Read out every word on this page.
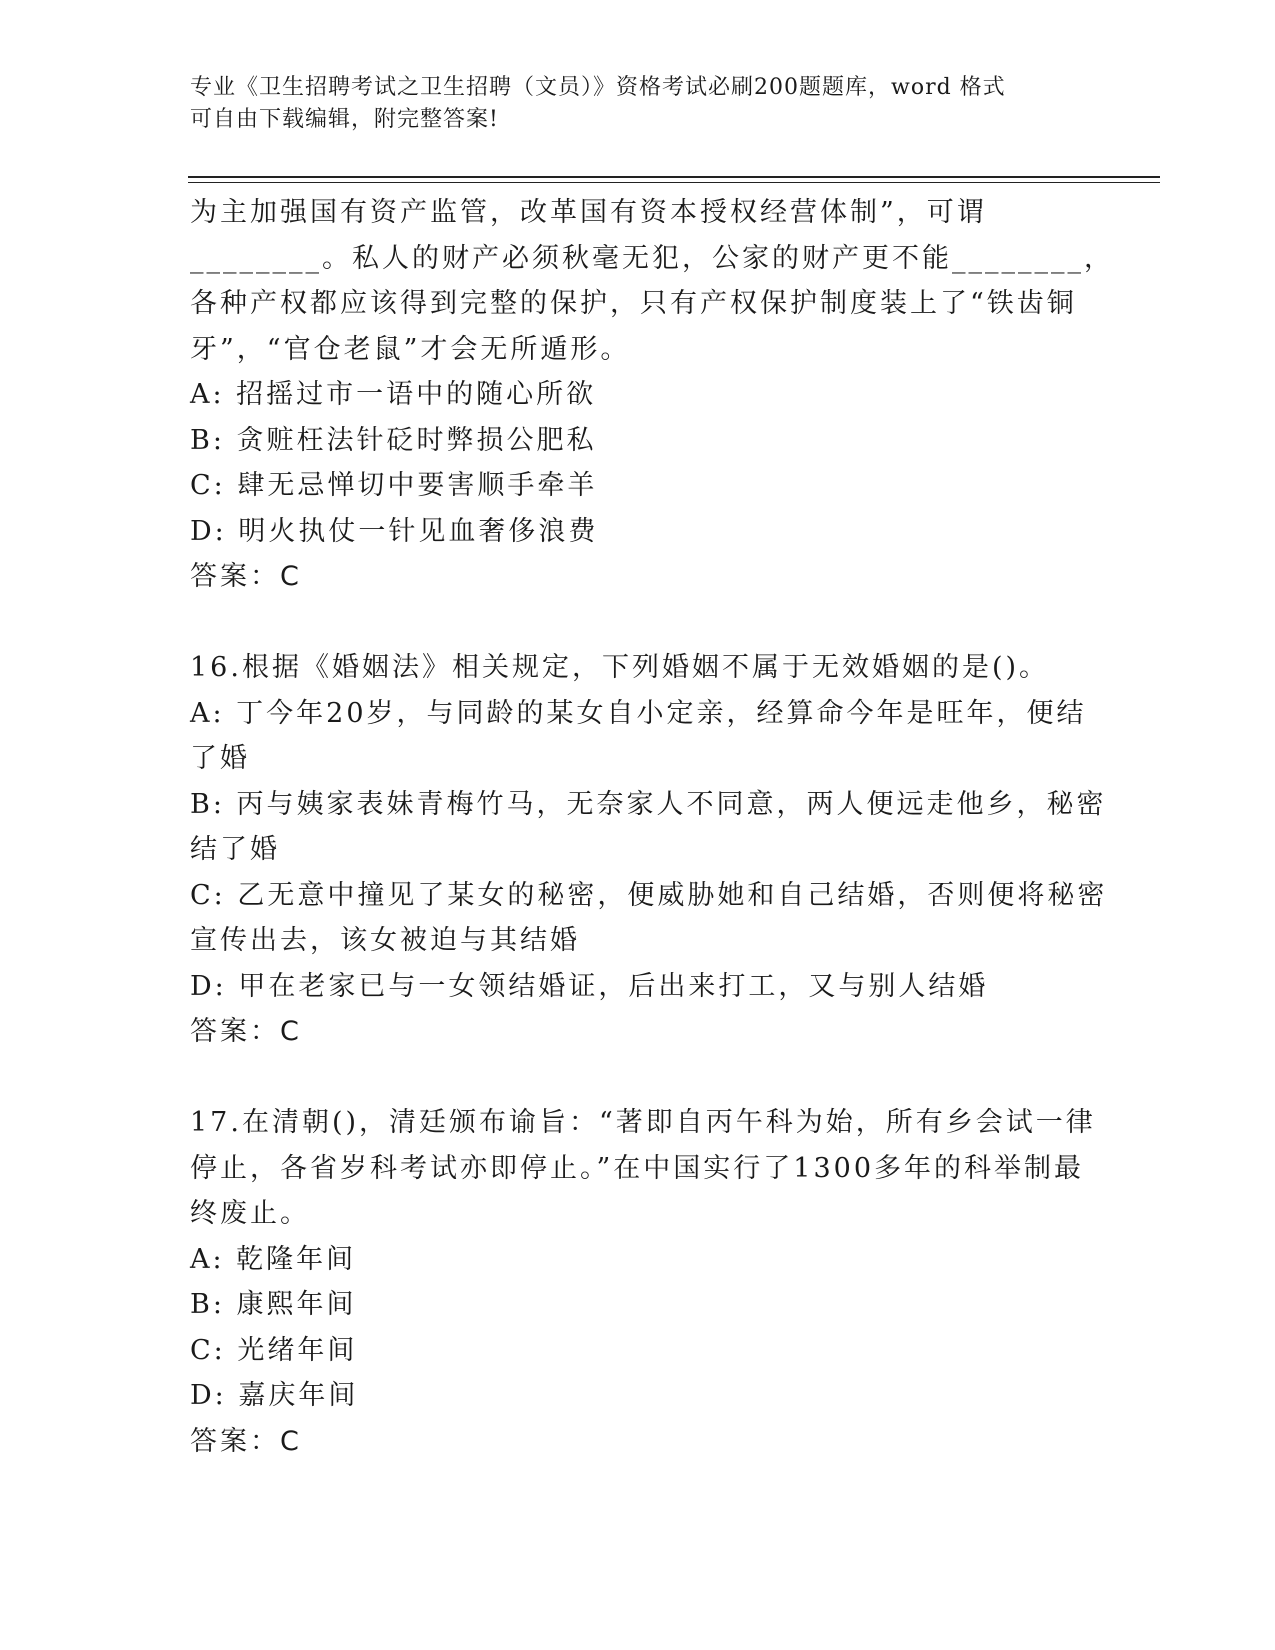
专业《卫生招聘考试之卫生招聘（文员）》资格考试必刷200题题库，word 格式
可自由下载编辑，附完整答案!
为主加强国有资产监管，改革国有资本授权经营体制”，可谓
________。私人的财产必须秋毫无犯，公家的财产更不能________，
各种产权都应该得到完整的保护，只有产权保护制度装上了“铁齿铜
牙”，“官仓老鼠”才会无所遁形。
A: 招摇过市一语中的随心所欲
B: 贪赃枉法针砭时弊损公肥私
C: 肆无忌惮切中要害顺手牵羊
D: 明火执仗一针见血奢侈浪费
答案：C
16.根据《婚姻法》相关规定，下列婚姻不属于无效婚姻的是()。
A: 丁今年20岁，与同龄的某女自小定亲，经算命今年是旺年，便结
了婚
B: 丙与姨家表妹青梅竹马，无奈家人不同意，两人便远走他乡，秘密
结了婚
C: 乙无意中撞见了某女的秘密，便威胁她和自己结婚，否则便将秘密
宣传出去，该女被迫与其结婚
D: 甲在老家已与一女领结婚证，后出来打工，又与别人结婚
答案：C
17.在清朝()，清廷颁布谕旨：“著即自丙午科为始，所有乡会试一律
停止，各省岁科考试亦即停止。”在中国实行了1300多年的科举制最
终废止。
A: 乾隆年间
B: 康熙年间
C: 光绪年间
D: 嘉庆年间
答案：C
